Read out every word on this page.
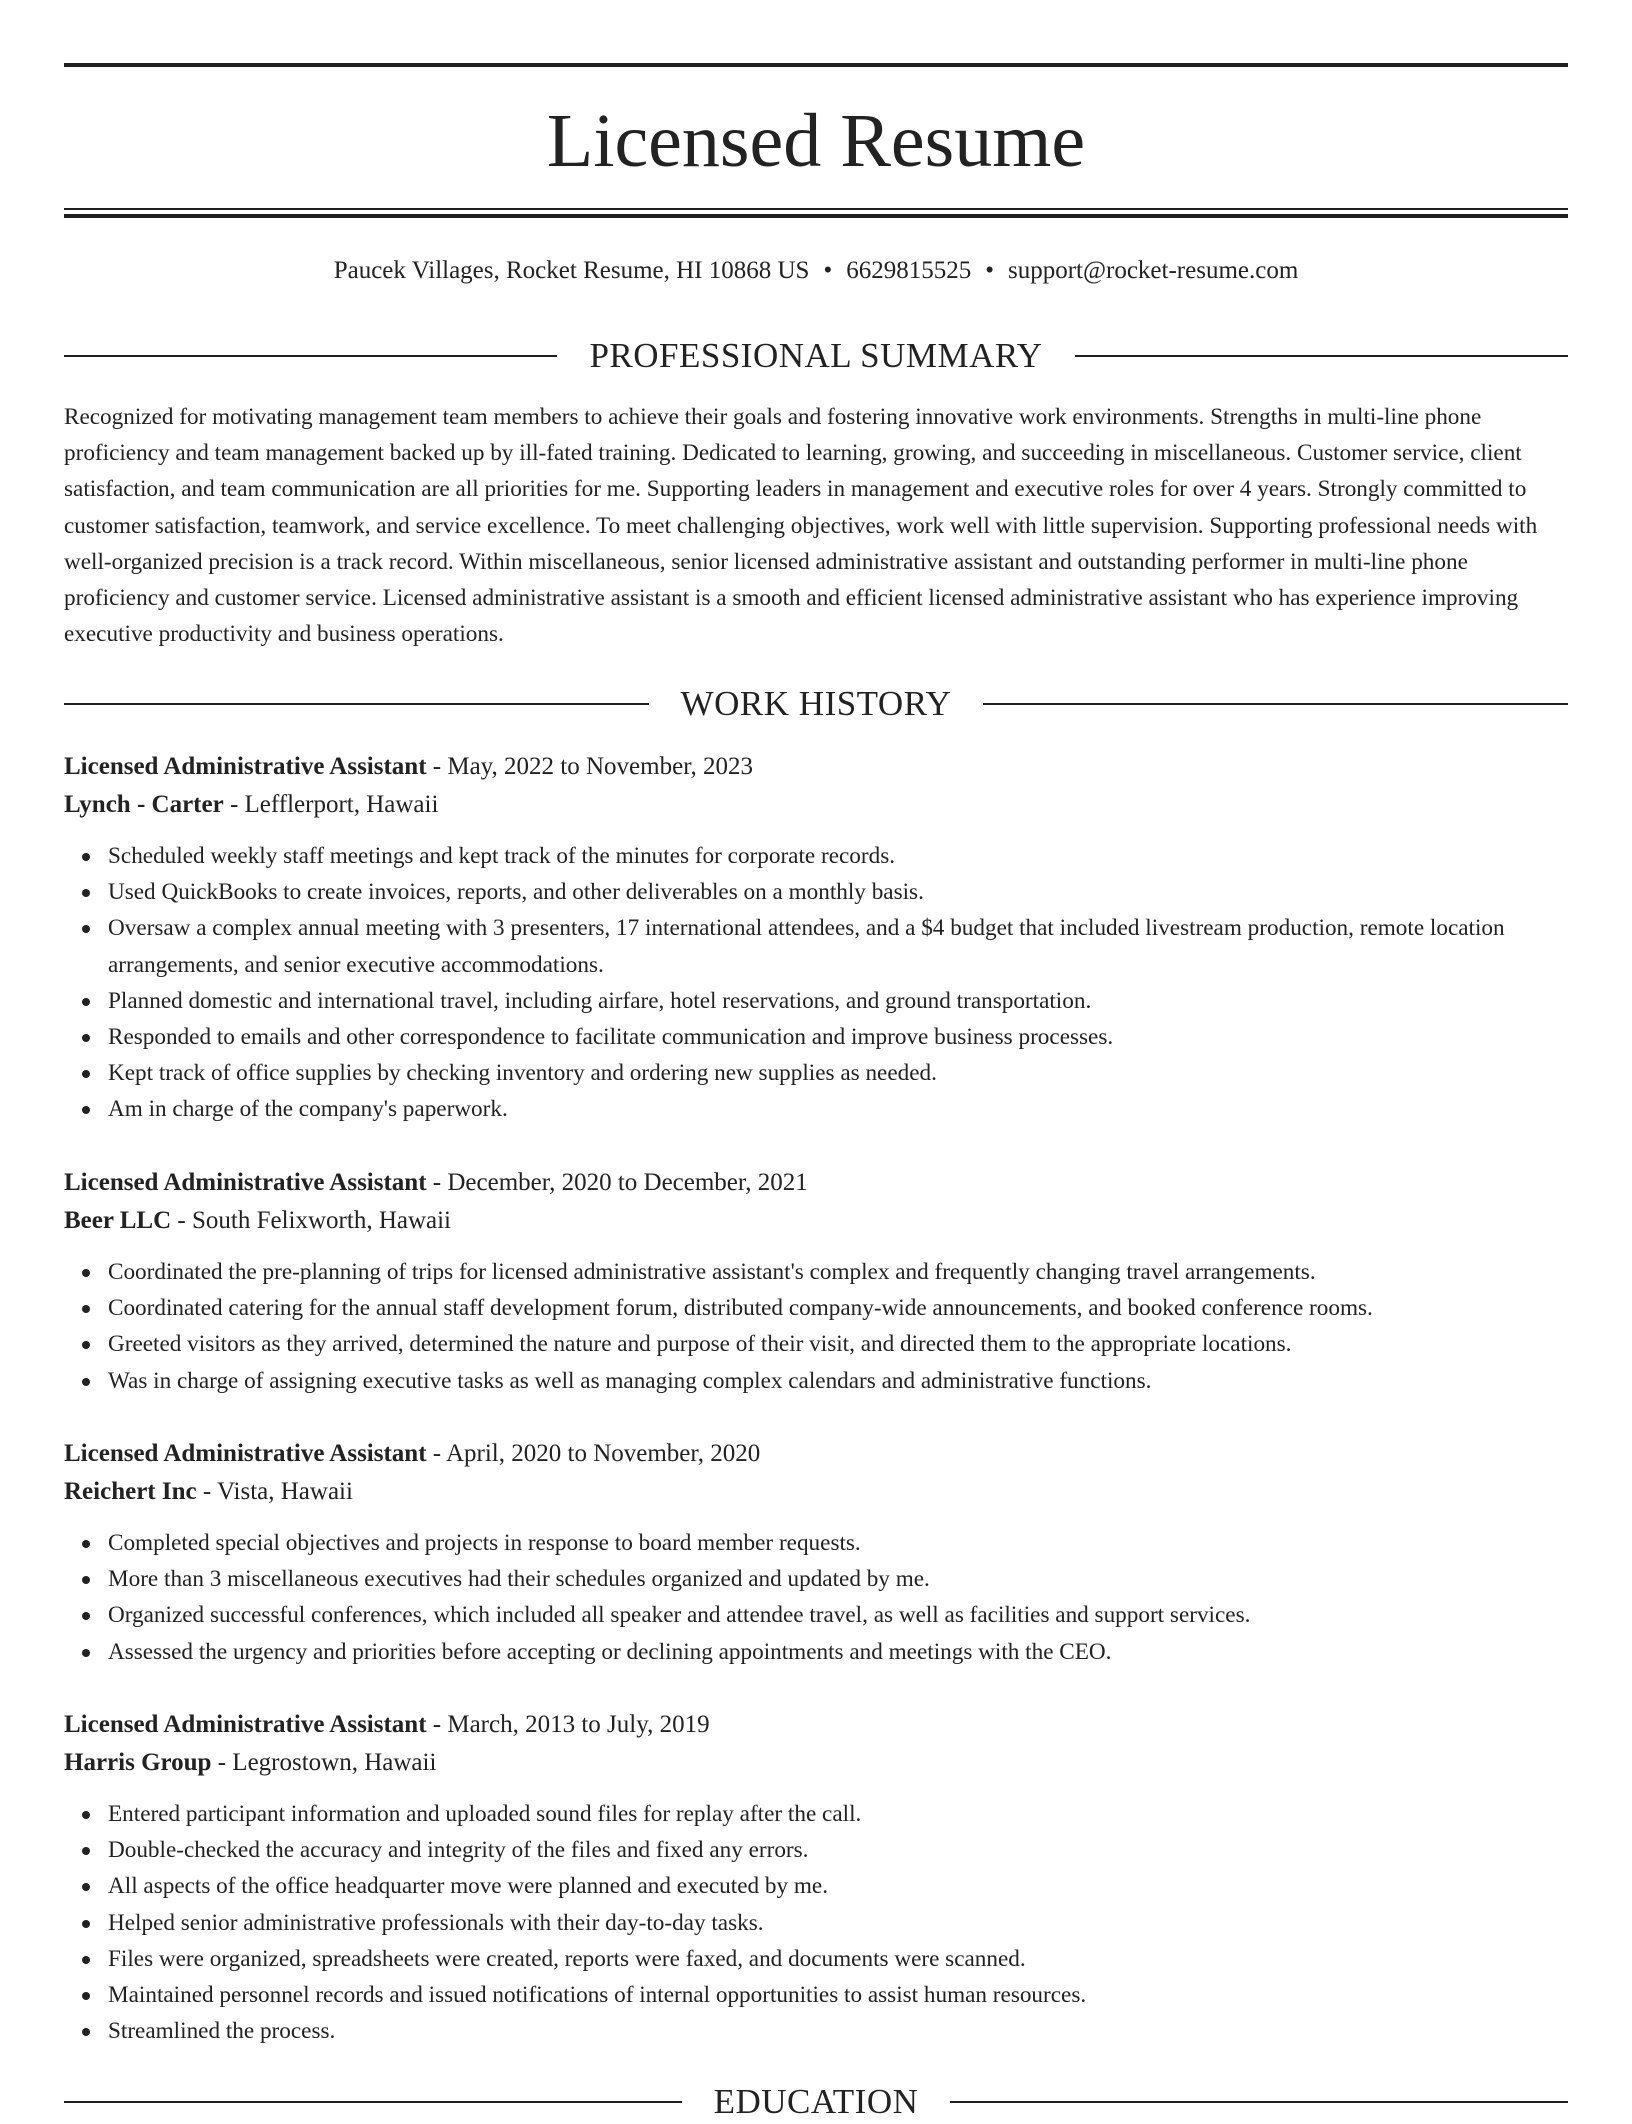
Licensed Resume
Paucek Villages, Rocket Resume, HI 10868 US • 6629815525 • support@rocket-resume.com
PROFESSIONAL SUMMARY

Recognized for motivating management team members to achieve their goals and fostering innovative work environments. Strengths in multi-line phone proficiency and team management backed up by ill-fated training. Dedicated to learning, growing, and succeeding in miscellaneous. Customer service, client satisfaction, and team communication are all priorities for me. Supporting leaders in management and executive roles for over 4 years. Strongly committed to customer satisfaction, teamwork, and service excellence. To meet challenging objectives, work well with little supervision. Supporting professional needs with well-organized precision is a track record. Within miscellaneous, senior licensed administrative assistant and outstanding performer in multi-line phone proficiency and customer service. Licensed administrative assistant is a smooth and efficient licensed administrative assistant who has experience improving executive productivity and business operations.

WORK HISTORY
Licensed Administrative Assistant - May, 2022 to November, 2023
Lynch - Carter - Lefflerport, Hawaii
Scheduled weekly staff meetings and kept track of the minutes for corporate records.
Used QuickBooks to create invoices, reports, and other deliverables on a monthly basis.
Oversaw a complex annual meeting with 3 presenters, 17 international attendees, and a $4 budget that included livestream production, remote location arrangements, and senior executive accommodations.
Planned domestic and international travel, including airfare, hotel reservations, and ground transportation.
Responded to emails and other correspondence to facilitate communication and improve business processes.
Kept track of office supplies by checking inventory and ordering new supplies as needed.
Am in charge of the company's paperwork.
Licensed Administrative Assistant - December, 2020 to December, 2021
Beer LLC - South Felixworth, Hawaii
Coordinated the pre-planning of trips for licensed administrative assistant's complex and frequently changing travel arrangements.
Coordinated catering for the annual staff development forum, distributed company-wide announcements, and booked conference rooms.
Greeted visitors as they arrived, determined the nature and purpose of their visit, and directed them to the appropriate locations.
Was in charge of assigning executive tasks as well as managing complex calendars and administrative functions.
Licensed Administrative Assistant - April, 2020 to November, 2020
Reichert Inc - Vista, Hawaii
Completed special objectives and projects in response to board member requests.
More than 3 miscellaneous executives had their schedules organized and updated by me.
Organized successful conferences, which included all speaker and attendee travel, as well as facilities and support services.
Assessed the urgency and priorities before accepting or declining appointments and meetings with the CEO.
Licensed Administrative Assistant - March, 2013 to July, 2019
Harris Group - Legrostown, Hawaii
Entered participant information and uploaded sound files for replay after the call.
Double-checked the accuracy and integrity of the files and fixed any errors.
All aspects of the office headquarter move were planned and executed by me.
Helped senior administrative professionals with their day-to-day tasks.
Files were organized, spreadsheets were created, reports were faxed, and documents were scanned.
Maintained personnel records and issued notifications of internal opportunities to assist human resources.
Streamlined the process.
EDUCATION
